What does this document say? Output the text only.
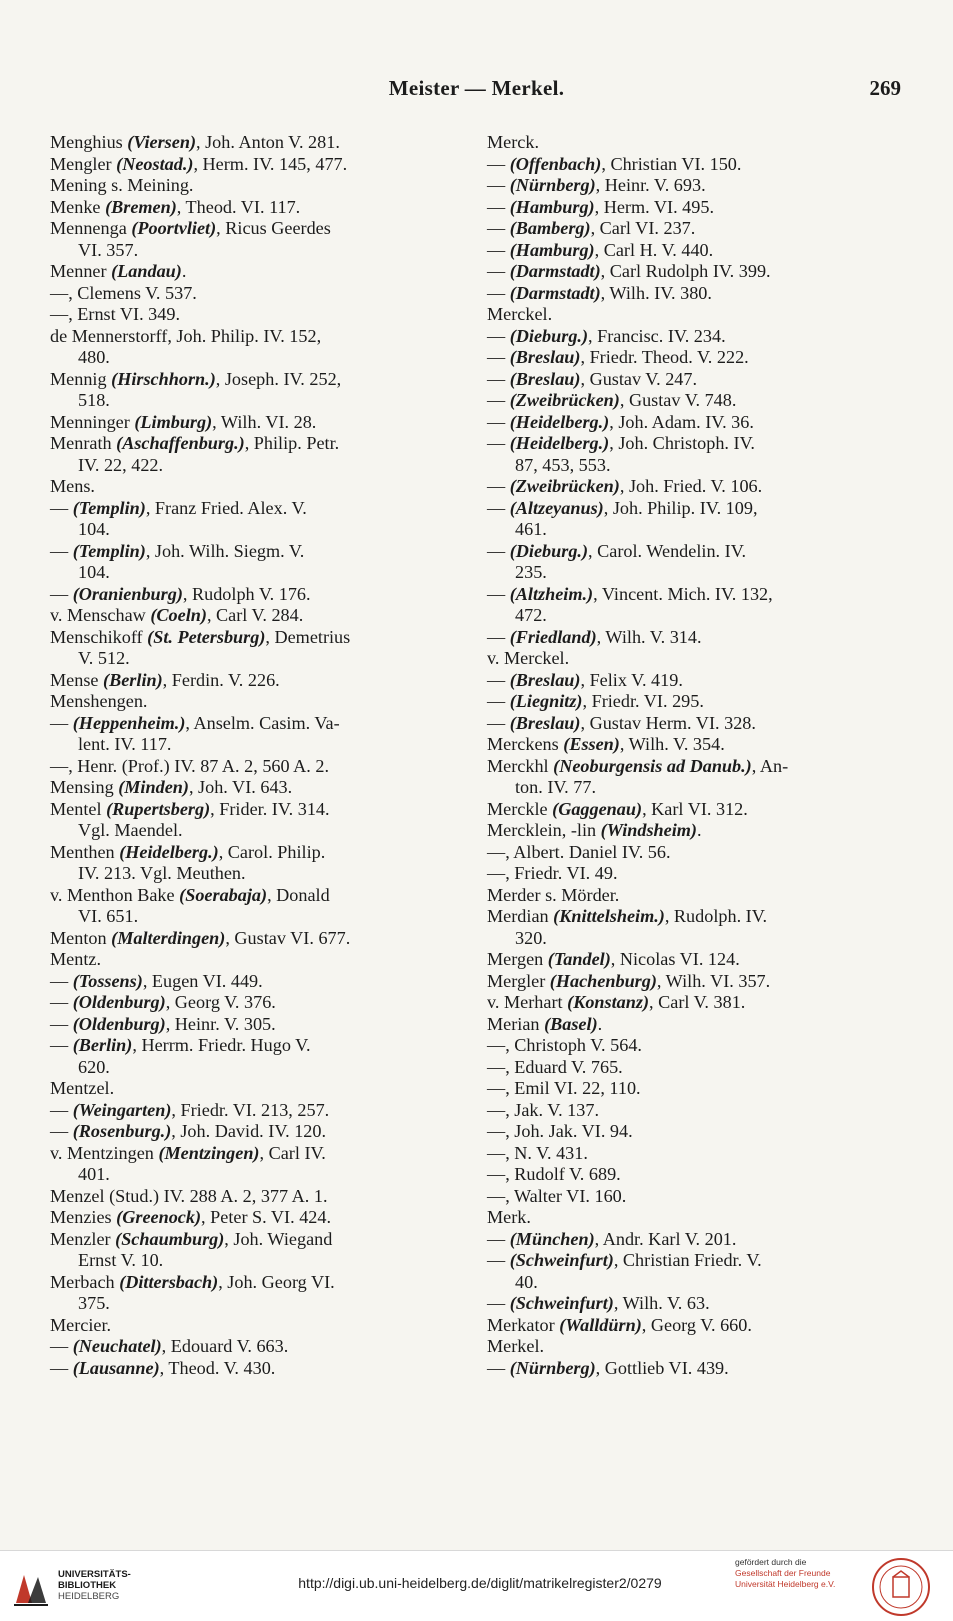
Meister — Merkel.	269
Menghius (Viersen), Joh. Anton V. 281.
Mengler (Neostad.), Herm. IV. 145, 477.
Mening s. Meining.
Menke (Bremen), Theod. VI. 117.
Mennenga (Poortvliet), Ricus Geerdes
VI. 357.
Menner (Landau).
—, Clemens V. 537.
—, Ernst VI. 349.
de Mennerstorff, Joh. Philip. IV. 152,
480.
Mennig (Hirschhorn.), Joseph. IV. 252,
518.
Menninger (Limburg), Wilh. VI. 28.
Menrath (Aschaffenburg.), Philip. Petr.
IV. 22, 422.
Mens.
— (Templin), Franz Fried. Alex. V.
104.
— (Templin), Joh. Wilh. Siegm. V.
104.
— (Oranienburg), Rudolph V. 176.
v. Menschaw (Coeln), Carl V. 284.
Menschikoff (St. Petersburg), Demetrius
V. 512.
Mense (Berlin), Ferdin. V. 226.
Menshengen.
— (Heppenheim.), Anselm. Casim. Va-
lent. IV. 117.
—, Henr. (Prof.) IV. 87 A. 2, 560 A. 2.
Mensing (Minden), Joh. VI. 643.
Mentel (Rupertsberg), Frider. IV. 314.
Vgl. Maendel.
Menthen (Heidelberg.), Carol. Philip.
IV. 213. Vgl. Meuthen.
v. Menthon Bake (Soerabaja), Donald
VI. 651.
Menton (Malterdingen), Gustav VI. 677.
Mentz.
— (Tossens), Eugen VI. 449.
— (Oldenburg), Georg V. 376.
— (Oldenburg), Heinr. V. 305.
— (Berlin), Herrm. Friedr. Hugo V.
620.
Mentzel.
— (Weingarten), Friedr. VI. 213, 257.
— (Rosenburg.), Joh. David. IV. 120.
v. Mentzingen (Mentzingen), Carl IV.
401.
Menzel (Stud.) IV. 288 A. 2, 377 A. 1.
Menzies (Greenock), Peter S. VI. 424.
Menzler (Schaumburg), Joh. Wiegand
Ernst V. 10.
Merbach (Dittersbach), Joh. Georg VI.
375.
Mercier.
— (Neuchatel), Edouard V. 663.
— (Lausanne), Theod. V. 430.
Merck.
— (Offenbach), Christian VI. 150.
— (Nürnberg), Heinr. V. 693.
— (Hamburg), Herm. VI. 495.
— (Bamberg), Carl VI. 237.
— (Hamburg), Carl H. V. 440.
— (Darmstadt), Carl Rudolph IV. 399.
— (Darmstadt), Wilh. IV. 380.
Merckel.
— (Dieburg.), Francisc. IV. 234.
— (Breslau), Friedr. Theod. V. 222.
— (Breslau), Gustav V. 247.
— (Zweibrücken), Gustav V. 748.
— (Heidelberg.), Joh. Adam. IV. 36.
— (Heidelberg.), Joh. Christoph. IV.
87, 453, 553.
— (Zweibrücken), Joh. Fried. V. 106.
— (Altzeyanus), Joh. Philip. IV. 109,
461.
— (Dieburg.), Carol. Wendelin. IV.
235.
— (Altzheim.), Vincent. Mich. IV. 132,
472.
— (Friedland), Wilh. V. 314.
v. Merckel.
— (Breslau), Felix V. 419.
— (Liegnitz), Friedr. VI. 295.
— (Breslau), Gustav Herm. VI. 328.
Merckens (Essen), Wilh. V. 354.
Merckhl (Neoburgensis ad Danub.), An-
ton. IV. 77.
Merckle (Gaggenau), Karl VI. 312.
Mercklein, -lin (Windsheim).
—, Albert. Daniel IV. 56.
—, Friedr. VI. 49.
Merder s. Mörder.
Merdian (Knittelsheim.), Rudolph. IV.
320.
Mergen (Tandel), Nicolas VI. 124.
Mergler (Hachenburg), Wilh. VI. 357.
v. Merhart (Konstanz), Carl V. 381.
Merian (Basel).
—, Christoph V. 564.
—, Eduard V. 765.
—, Emil VI. 22, 110.
—, Jak. V. 137.
—, Joh. Jak. VI. 94.
—, N. V. 431.
—, Rudolf V. 689.
—, Walter VI. 160.
Merk.
— (München), Andr. Karl V. 201.
— (Schweinfurt), Christian Friedr. V.
40.
— (Schweinfurt), Wilh. V. 63.
Merkator (Walldürn), Georg V. 660.
Merkel.
— (Nürnberg), Gottlieb VI. 439.
UNIVERSITÄTS-
BIBLIOTHEK
HEIDELBERG
http://digi.ub.uni-heidelberg.de/diglit/matrikelregister2/0279
gefördert durch die
Gesellschaft der Freunde
Universität Heidelberg e.V.
